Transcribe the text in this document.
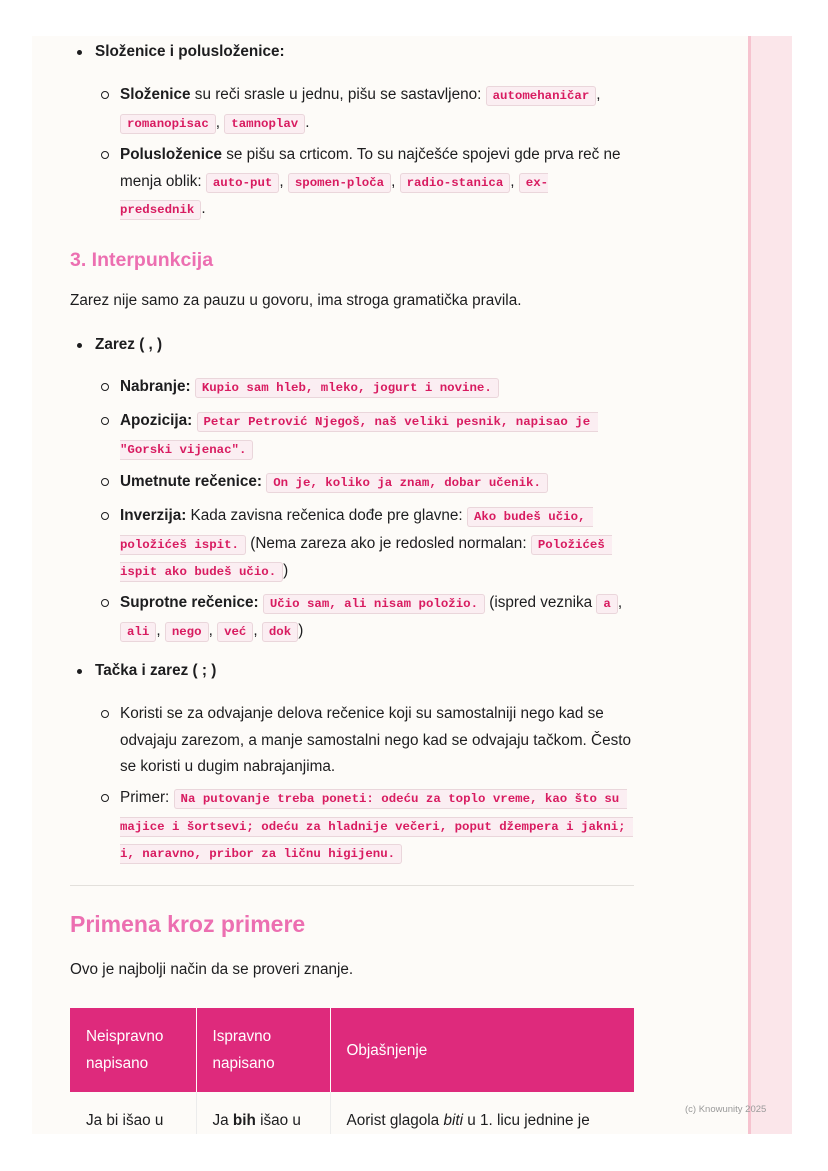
Složenice i polusloženice:
Složenice su reči srasle u jednu, pišu se sastavljeno: automehaničar ,
romanopisac , tamnoplav .
Polusloženice se pišu sa crticom. To su najčešće spojevi gde prva reč ne menja oblik: auto-put , spomen-ploča , radio-stanica , ex-predsednik .
3. Interpunkcija
Zarez nije samo za pauzu u govoru, ima stroga gramatička pravila.
Zarez ( , )
Nabranje: Kupio sam hleb, mleko, jogurt i novine.
Apozicija: Petar Petrović Njegoš, naš veliki pesnik, napisao je "Gorski vijenac".
Umetnute rečenice: On je, koliko ja znam, dobar učenik.
Inverzija: Kada zavisna rečenica dođe pre glavne: Ako budeš učio, položićeš ispit. (Nema zareza ako je redosled normalan: Položićeš ispit ako budeš učio. )
Suprotne rečenice: Učio sam, ali nisam položio. (ispred veznika a , ali , nego , već , dok )
Tačka i zarez ( ; )
Koristi se za odvajanje delova rečenice koji su samostalniji nego kad se odvajaju zarezom, a manje samostalni nego kad se odvajaju tačkom. Često se koristi u dugim nabrajanjima.
Primer: Na putovanje treba poneti: odeću za toplo vreme, kao što su majice i šortsevi; odeću za hladnije večeri, poput džempera i jakni; i, naravno, pribor za ličnu higijenu.
Primena kroz primere
Ovo je najbolji način da se proveri znanje.
Neispravno napisano	Ispravno napisano	Objašnjenje
Ja bi išao u	Ja bih išao u	Aorist glagola biti u 1. licu jednine je
(c) Knowunity 2025
